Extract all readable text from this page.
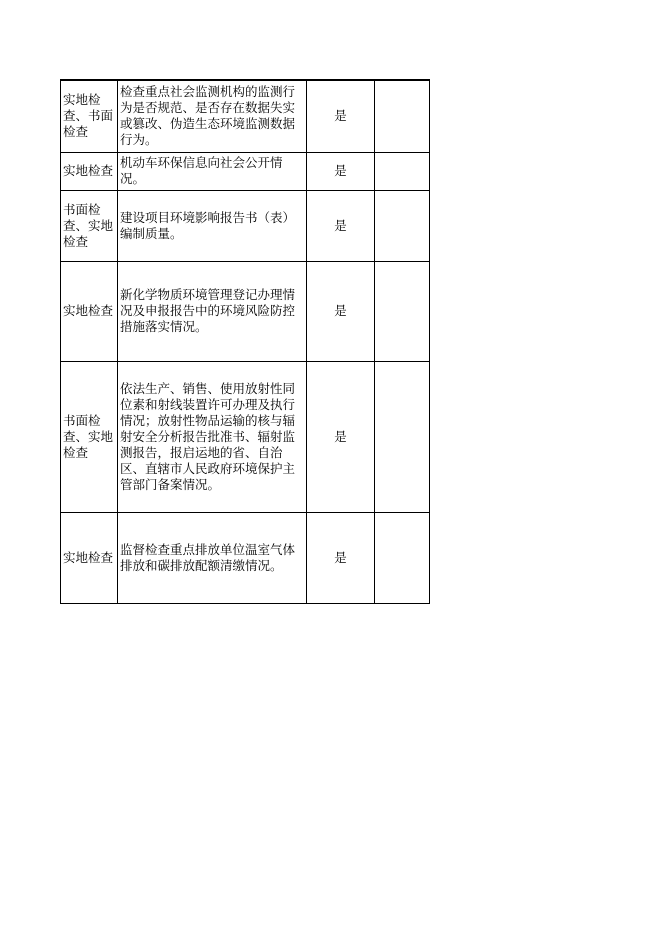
实地检查、书面检查	检查重点社会监测机构的监测行为是否规范、是否存在数据失实或篡改、伪造生态环境监测数据行为。	是	
实地检查	机动车环保信息向社会公开情况。	是	
书面检查、实地检查	建设项目环境影响报告书（表）编制质量。	是	
实地检查	新化学物质环境管理登记办理情况及申报报告中的环境风险防控措施落实情况。	是	
书面检查、实地检查	依法生产、销售、使用放射性同位素和射线装置许可办理及执行情况；放射性物品运输的核与辐射安全分析报告批准书、辐射监测报告，报启运地的省、自治区、直辖市人民政府环境保护主管部门备案情况。	是	
实地检查	监督检查重点排放单位温室气体排放和碳排放配额清缴情况。	是	
